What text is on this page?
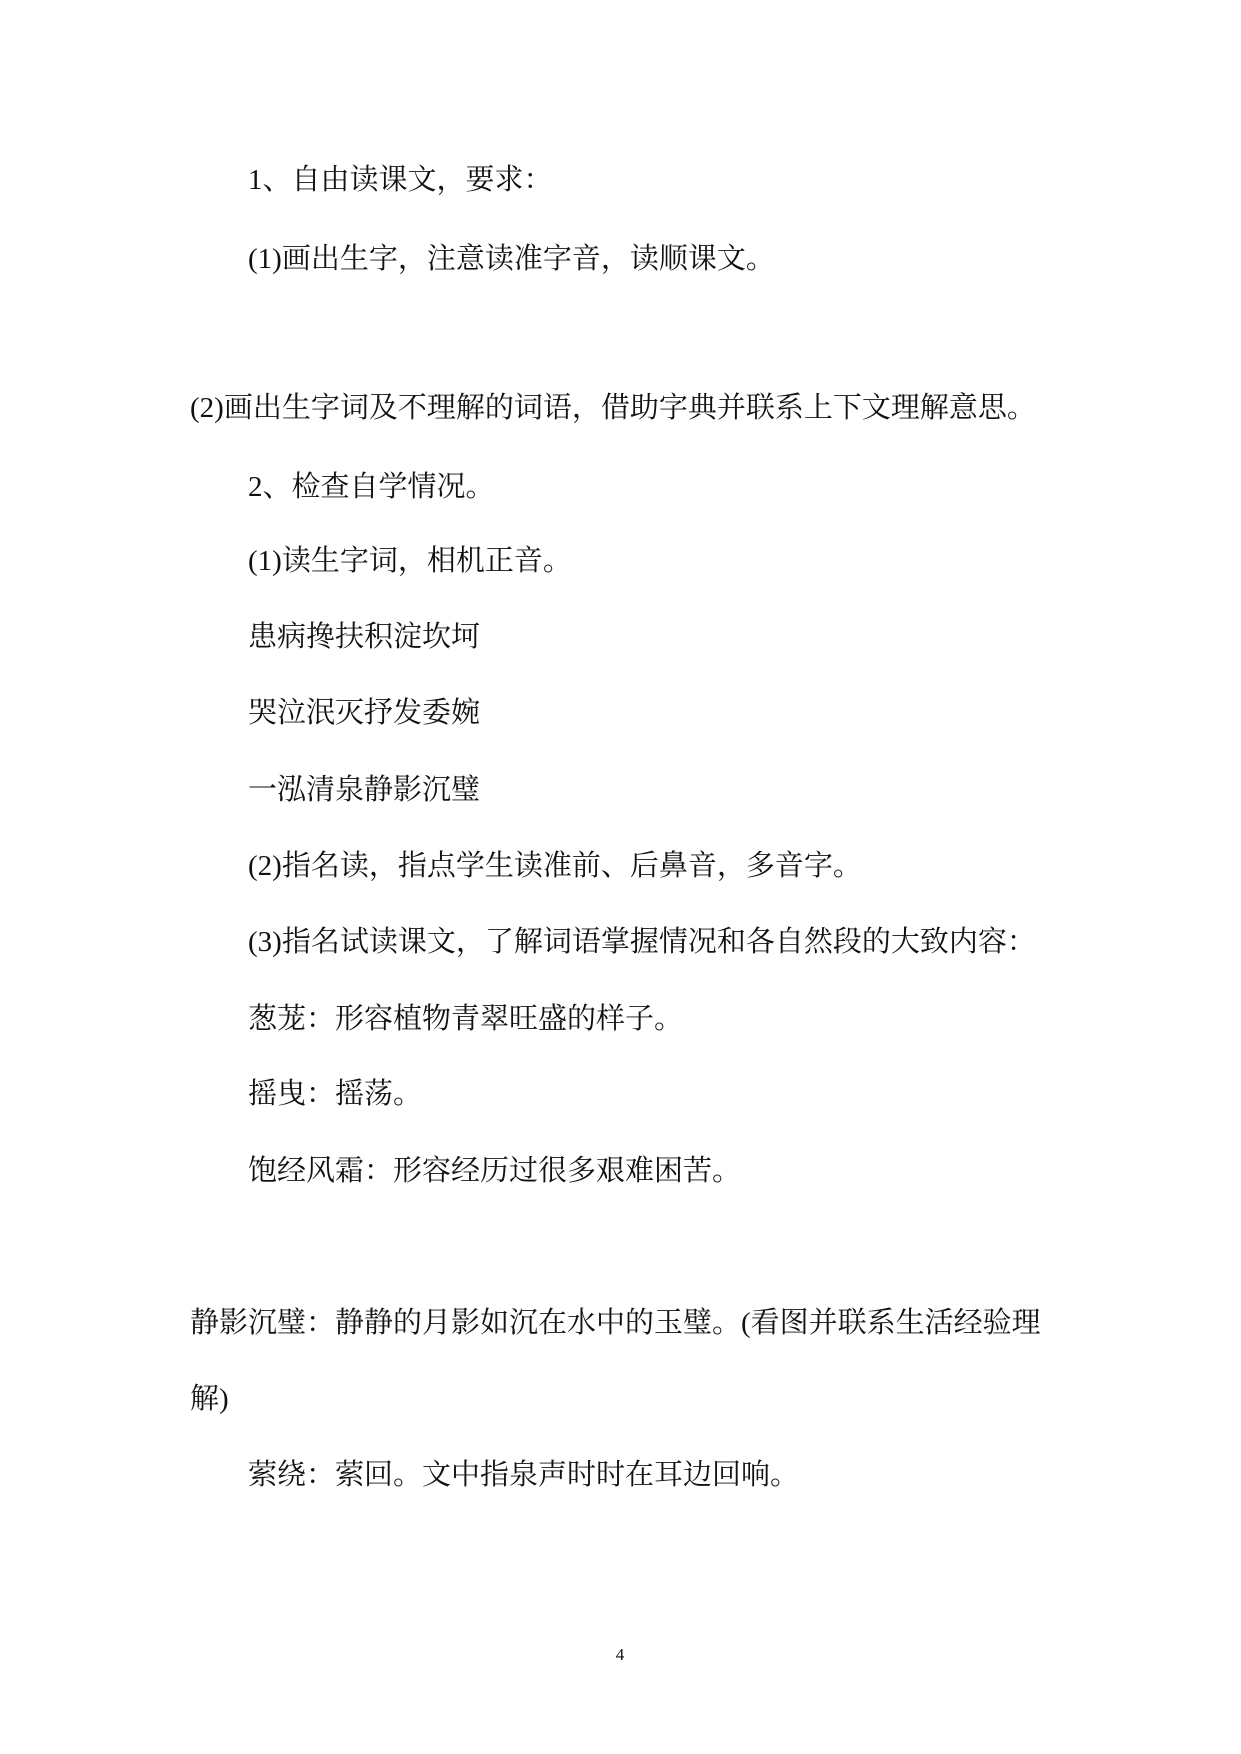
1、自由读课文，要求：

(1)画出生字，注意读准字音，读顺课文。

(2)画出生字词及不理解的词语，借助字典并联系上下文理解意思。

2、检查自学情况。

(1)读生字词，相机正音。

患病搀扶积淀坎坷

哭泣泯灭抒发委婉

一泓清泉静影沉璧

(2)指名读，指点学生读准前、后鼻音，多音字。

(3)指名试读课文，了解词语掌握情况和各自然段的大致内容：

葱茏：形容植物青翠旺盛的样子。

摇曳：摇荡。

饱经风霜：形容经历过很多艰难困苦。

静影沉璧：静静的月影如沉在水中的玉璧。(看图并联系生活经验理

解)

萦绕：萦回。文中指泉声时时在耳边回响。

4
